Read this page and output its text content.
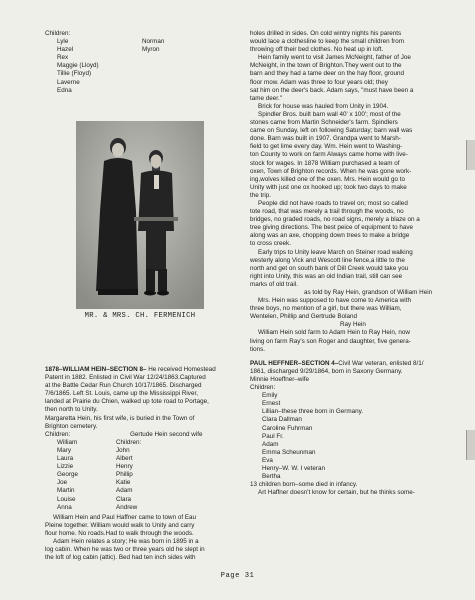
Children:
Lyle	Norman
Hazel	Myron
Rex
Maggie (Lloyd)
Tillie (Floyd)
Laverne
Edna
MR. & MRS. CH. FERMENICH
1878–WILLIAM HEIN–SECTION 8– He received Homestead
Patent in 1882. Enlisted in Civil War 12/24/1863.Captured
at the Battle Cedar Run Church 10/17/1865. Discharged
7/6/1865. Left St. Louis, came up the Mississippi River,
landed at Prairie du Chien, walked up tote road to Portage,
then north to Unity.
Margaretta Hein, his first wife, is buried in the Town of
Brighton cemetery.
Children:	Gertude Hein second wife
William	Children:
Mary	John
Laura	Albert
Lizzie	Henry
George	Phillip
Joe	Katie
Martin	Adam
Louise	Clara
Anna	Andrew
William Hein and Paul Haffner came to town of Eau
Pleine together. William would walk to Unity and carry
flour home. No roads.Had to walk through the woods.
Adam Hein relates a story; He was born in 1895 in a
log cabin. When he was two or three years old he slept in
the loft of log cabin (attic). Bed had ten inch sides with
holes drilled in sides. On cold wintry nights his parents
would lace a clothesline to keep the small children from
throwing off their bed clothes. No heat up in loft.
Hein family went to visit James McNeight, father of Joe
McNeight, in the town of Brighton.They went out to the
barn and they had a tame deer on the hay floor, ground
floor mow. Adam was three to four years old; they
sat him on the deer's back. Adam says, "must have been a
tame deer."
Brick for house was hauled from Unity in 1904.
Spindler Bros. built barn wall 40' x 100'; most of the
stones came from Martin Schneider's farm. Spindlers
came on Sunday, left on following Saturday; barn wall was
done. Barn was built in 1907. Grandpa went to Marsh-
field to get lime every day. Wm. Hein went to Washing-
ton County to work on farm Always came home with live-
stock for wages. In 1878 William purchased a team of
oxen, Town of Brighton records. When he was gone work-
ing,wolves killed one of the oxen. Mrs. Hein would go to
Unity with just one ox hooked up; took two days to make
the trip.
People did not have roads to travel on; most so called
tote road, that was merely a trail through the woods, no
bridges, no graded roads, no road signs, merely a blaze on a
tree giving directions. The best peice of equipment to have
along was an axe, chopping down trees to make a bridge
to cross creek.
Early trips to Unity leave March on Steiner road walking
westerly along Vick and Wescott line fence,a little to the
north and get on south bank of Dill Creek would take you
right into Unity, this was an old Indian trail, still can see
marks of old trail.
as told by Ray Hein, grandson of William Hein
Mrs. Hein was supposed to have come to America with
three boys, no mention of a girl, but there was William,
Wentelen, Phillip and Gertrude Boland
Ray Hein
William Hein sold farm to Adam Hein to Ray Hein, now
living on farm Ray's son Roger and daughter, five genera-
tions.
PAUL HEFFNER–SECTION 4–Civil War veteran, enlisted 8/1/
1861, discharged 9/29/1864, born in Saxony Germany.
Minnie Hoeffner–wife
Children:
Emily
Ernest
Lillian–these three born in Germany.
Clara Dallman
Caroline Fuhrman
Paul Fr.
Adam
Emma Scheunman
Eva
Henry–W. W. I veteran
Bertha
13 children born–some died in infancy.
Art Haffner doesn't know for certain, but he thinks some-
Page 31
